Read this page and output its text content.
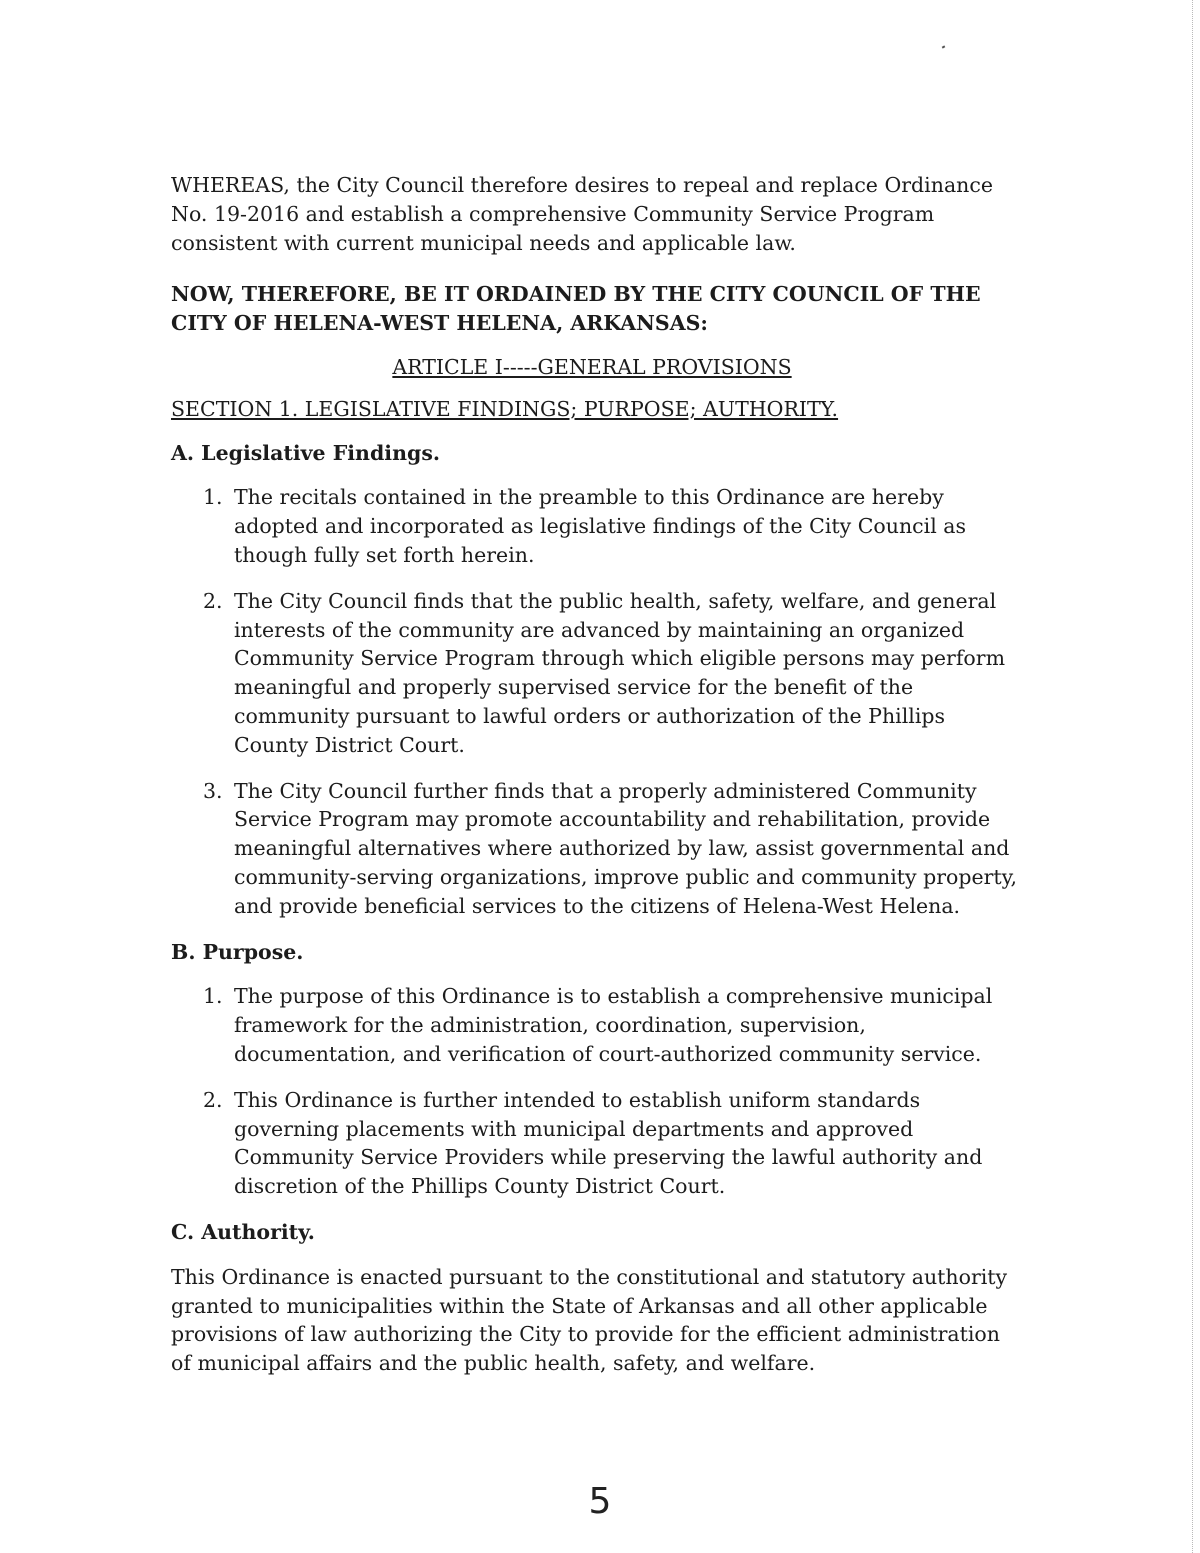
WHEREAS, the City Council therefore desires to repeal and replace Ordinance No. 19-2016 and establish a comprehensive Community Service Program consistent with current municipal needs and applicable law.

NOW, THEREFORE, BE IT ORDAINED BY THE CITY COUNCIL OF THE CITY OF HELENA-WEST HELENA, ARKANSAS:

ARTICLE I-----GENERAL PROVISIONS

SECTION 1. LEGISLATIVE FINDINGS; PURPOSE; AUTHORITY.

A. Legislative Findings.

1. The recitals contained in the preamble to this Ordinance are hereby adopted and incorporated as legislative findings of the City Council as though fully set forth herein.
2. The City Council finds that the public health, safety, welfare, and general interests of the community are advanced by maintaining an organized Community Service Program through which eligible persons may perform meaningful and properly supervised service for the benefit of the community pursuant to lawful orders or authorization of the Phillips County District Court.
3. The City Council further finds that a properly administered Community Service Program may promote accountability and rehabilitation, provide meaningful alternatives where authorized by law, assist governmental and community-serving organizations, improve public and community property, and provide beneficial services to the citizens of Helena-West Helena.

B. Purpose.

1. The purpose of this Ordinance is to establish a comprehensive municipal framework for the administration, coordination, supervision, documentation, and verification of court-authorized community service.
2. This Ordinance is further intended to establish uniform standards governing placements with municipal departments and approved Community Service Providers while preserving the lawful authority and discretion of the Phillips County District Court.

C. Authority.

This Ordinance is enacted pursuant to the constitutional and statutory authority granted to municipalities within the State of Arkansas and all other applicable provisions of law authorizing the City to provide for the efficient administration of municipal affairs and the public health, safety, and welfare.

5
